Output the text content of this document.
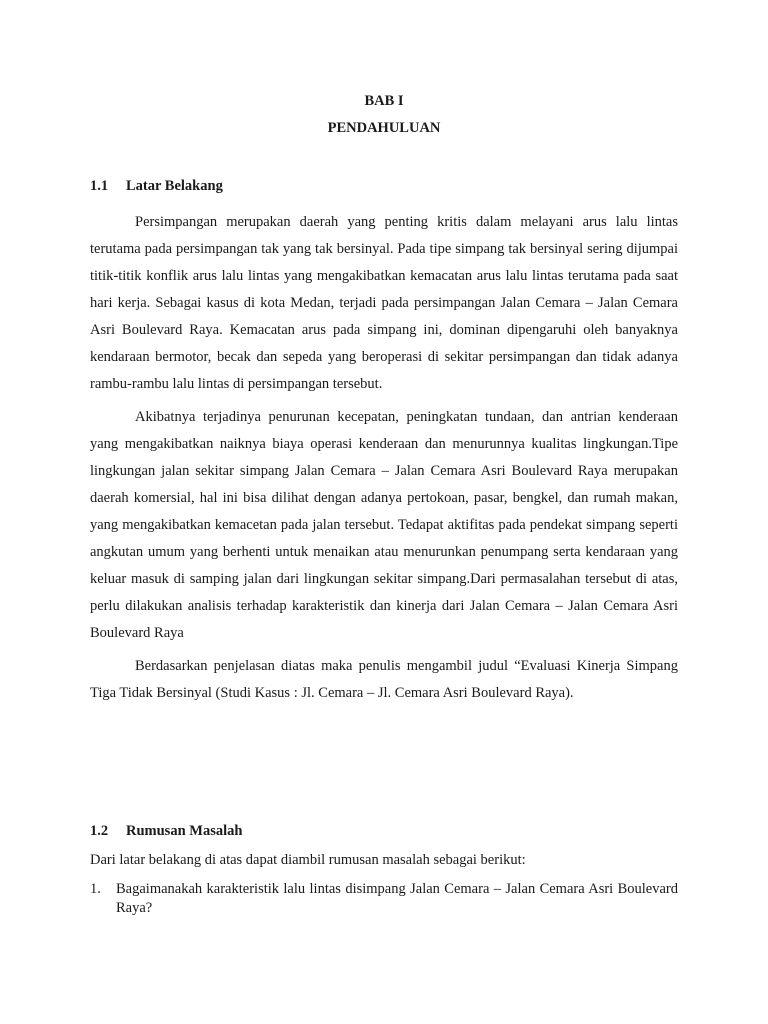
BAB I
PENDAHULUAN
1.1 Latar Belakang

Persimpangan merupakan daerah yang penting kritis dalam melayani arus lalu lintas terutama pada persimpangan tak yang tak bersinyal. Pada tipe simpang tak bersinyal sering dijumpai titik-titik konflik arus lalu lintas yang mengakibatkan kemacatan arus lalu lintas terutama pada saat hari kerja. Sebagai kasus di kota Medan, terjadi pada persimpangan Jalan Cemara – Jalan Cemara Asri Boulevard Raya. Kemacatan arus pada simpang ini, dominan dipengaruhi oleh banyaknya kendaraan bermotor, becak dan sepeda yang beroperasi di sekitar persimpangan dan tidak adanya rambu-rambu lalu lintas di persimpangan tersebut.

Akibatnya terjadinya penurunan kecepatan, peningkatan tundaan, dan antrian kenderaan yang mengakibatkan naiknya biaya operasi kenderaan dan menurunnya kualitas lingkungan.Tipe lingkungan jalan sekitar simpang Jalan Cemara – Jalan Cemara Asri Boulevard Raya merupakan daerah komersial, hal ini bisa dilihat dengan adanya pertokoan, pasar, bengkel, dan rumah makan, yang mengakibatkan kemacetan pada jalan tersebut. Tedapat aktifitas pada pendekat simpang seperti angkutan umum yang berhenti untuk menaikan atau menurunkan penumpang serta kendaraan yang keluar masuk di samping jalan dari lingkungan sekitar simpang.Dari permasalahan tersebut di atas, perlu dilakukan analisis terhadap karakteristik dan kinerja dari Jalan Cemara – Jalan Cemara Asri Boulevard Raya

Berdasarkan penjelasan diatas maka penulis mengambil judul “Evaluasi Kinerja Simpang Tiga Tidak Bersinyal (Studi Kasus : Jl. Cemara – Jl. Cemara Asri Boulevard Raya).

1.2 Rumusan Masalah

Dari latar belakang di atas dapat diambil rumusan masalah sebagai berikut:

1.	Bagaimanakah karakteristik lalu lintas disimpang Jalan Cemara – Jalan Cemara Asri Boulevard Raya?
